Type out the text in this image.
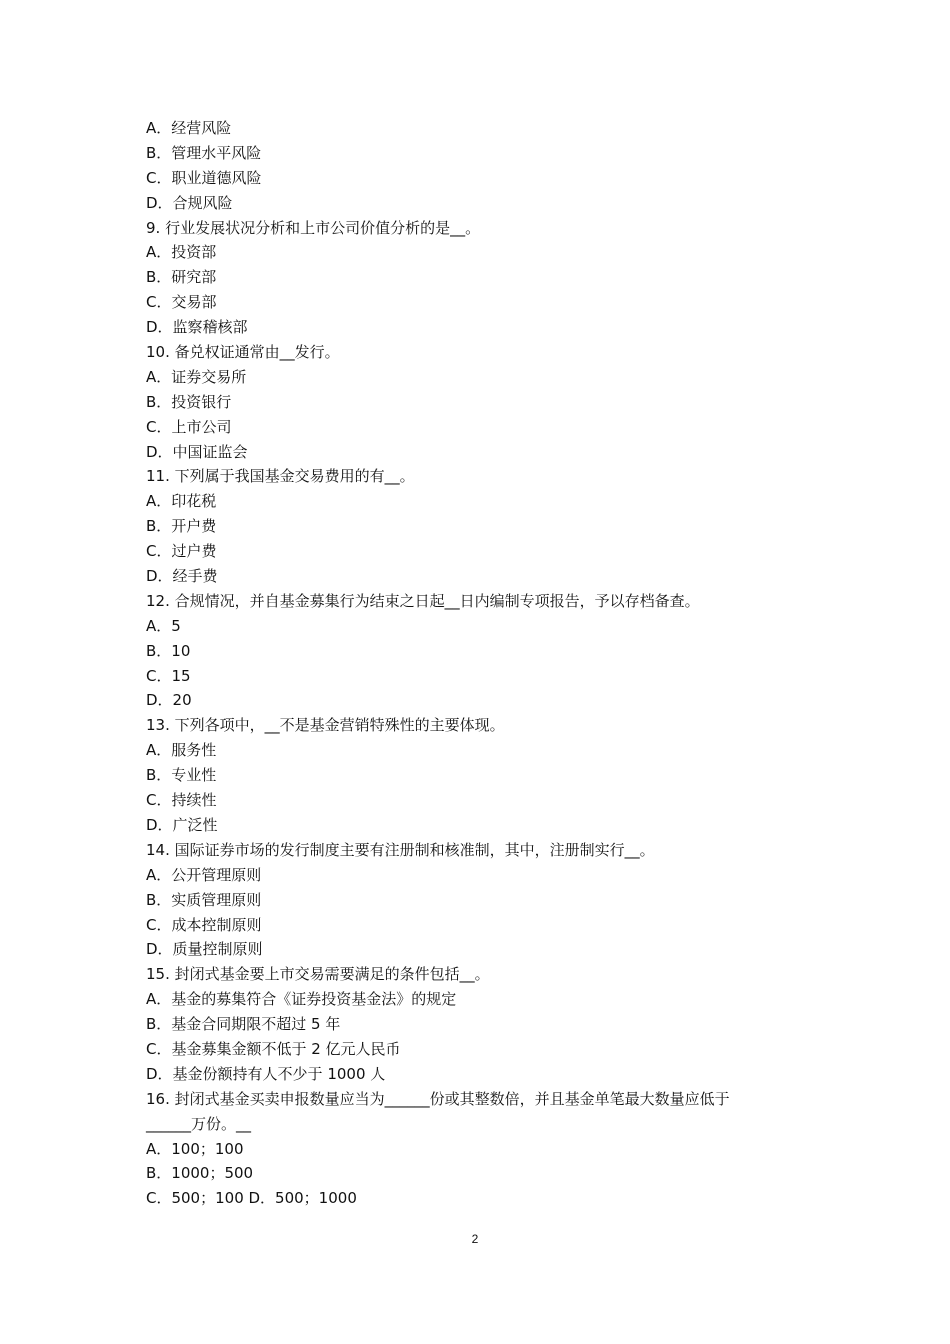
A．经营风险
B．管理水平风险
C．职业道德风险
D．合规风险
9. 行业发展状况分析和上市公司价值分析的是__。
A．投资部
B．研究部
C．交易部
D．监察稽核部
10. 备兑权证通常由__发行。
A．证券交易所
B．投资银行
C．上市公司
D．中国证监会
11. 下列属于我国基金交易费用的有__。
A．印花税
B．开户费
C．过户费
D．经手费
12. 合规情况，并自基金募集行为结束之日起__日内编制专项报告，予以存档备查。
A．5
B．10
C．15
D．20
13. 下列各项中，__不是基金营销特殊性的主要体现。
A．服务性
B．专业性
C．持续性
D．广泛性
14. 国际证券市场的发行制度主要有注册制和核准制，其中，注册制实行__。
A．公开管理原则
B．实质管理原则
C．成本控制原则
D．质量控制原则
15. 封闭式基金要上市交易需要满足的条件包括__。
A．基金的募集符合《证券投资基金法》的规定
B．基金合同期限不超过 5 年
C．基金募集金额不低于 2 亿元人民币
D．基金份额持有人不少于 1000 人
16. 封闭式基金买卖申报数量应当为______份或其整数倍，并且基金单笔最大数量应低于
______万份。__
A．100；100
B．1000；500
C．500；100 D．500；1000
2
